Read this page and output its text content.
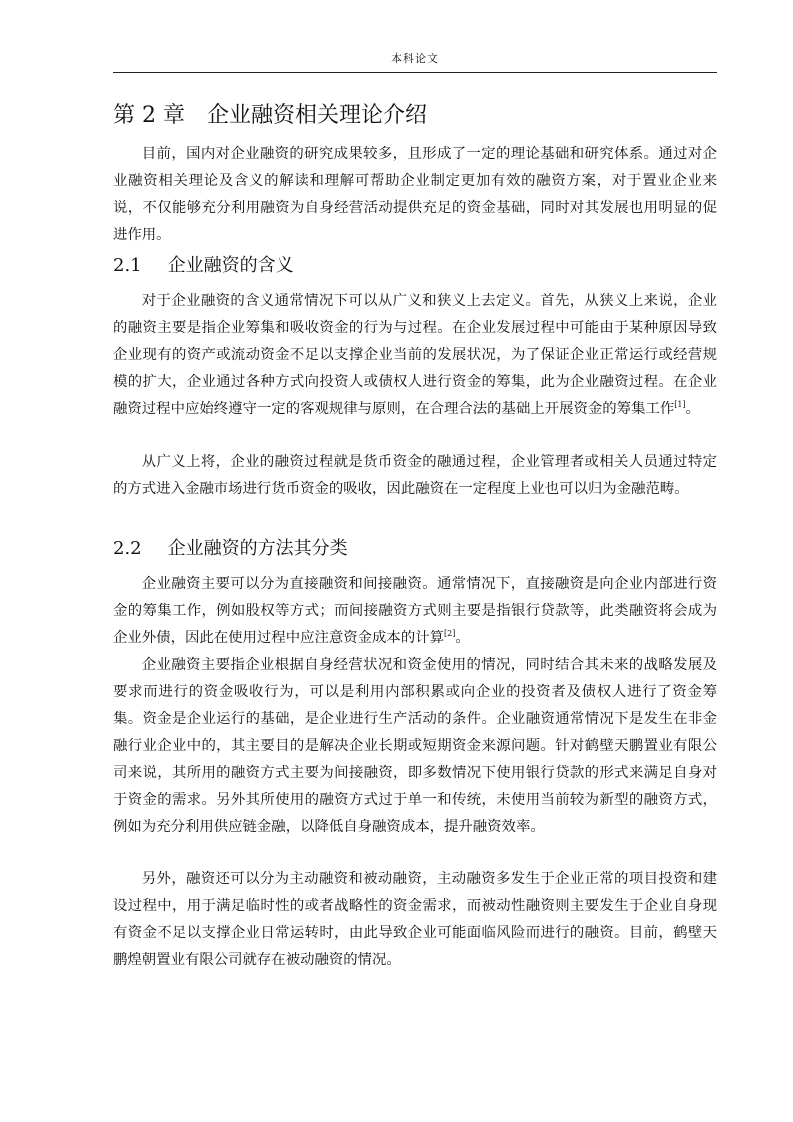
本科论文
第 2 章 企业融资相关理论介绍

目前，国内对企业融资的研究成果较多，且形成了一定的理论基础和研究体系。通过对企业融资相关理论及含义的解读和理解可帮助企业制定更加有效的融资方案，对于置业企业来说，不仅能够充分利用融资为自身经营活动提供充足的资金基础，同时对其发展也用明显的促进作用。

2.1 企业融资的含义

对于企业融资的含义通常情况下可以从广义和狭义上去定义。首先，从狭义上来说，企业的融资主要是指企业筹集和吸收资金的行为与过程。在企业发展过程中可能由于某种原因导致企业现有的资产或流动资金不足以支撑企业当前的发展状况，为了保证企业正常运行或经营规模的扩大，企业通过各种方式向投资人或债权人进行资金的筹集，此为企业融资过程。在企业融资过程中应始终遵守一定的客观规律与原则，在合理合法的基础上开展资金的筹集工作[1]。

从广义上将，企业的融资过程就是货币资金的融通过程，企业管理者或相关人员通过特定的方式进入金融市场进行货币资金的吸收，因此融资在一定程度上业也可以归为金融范畴。

2.2 企业融资的方法其分类

企业融资主要可以分为直接融资和间接融资。通常情况下，直接融资是向企业内部进行资金的筹集工作，例如股权等方式；而间接融资方式则主要是指银行贷款等，此类融资将会成为企业外债，因此在使用过程中应注意资金成本的计算[2]。

企业融资主要指企业根据自身经营状况和资金使用的情况，同时结合其未来的战略发展及要求而进行的资金吸收行为，可以是利用内部积累或向企业的投资者及债权人进行了资金筹集。资金是企业运行的基础，是企业进行生产活动的条件。企业融资通常情况下是发生在非金融行业企业中的，其主要目的是解决企业长期或短期资金来源问题。针对鹤壁天鹏置业有限公司来说，其所用的融资方式主要为间接融资，即多数情况下使用银行贷款的形式来满足自身对于资金的需求。另外其所使用的融资方式过于单一和传统，未使用当前较为新型的融资方式，例如为充分利用供应链金融，以降低自身融资成本，提升融资效率。

另外，融资还可以分为主动融资和被动融资，主动融资多发生于企业正常的项目投资和建设过程中，用于满足临时性的或者战略性的资金需求，而被动性融资则主要发生于企业自身现有资金不足以支撑企业日常运转时，由此导致企业可能面临风险而进行的融资。目前，鹤壁天鹏煌朝置业有限公司就存在被动融资的情况。
